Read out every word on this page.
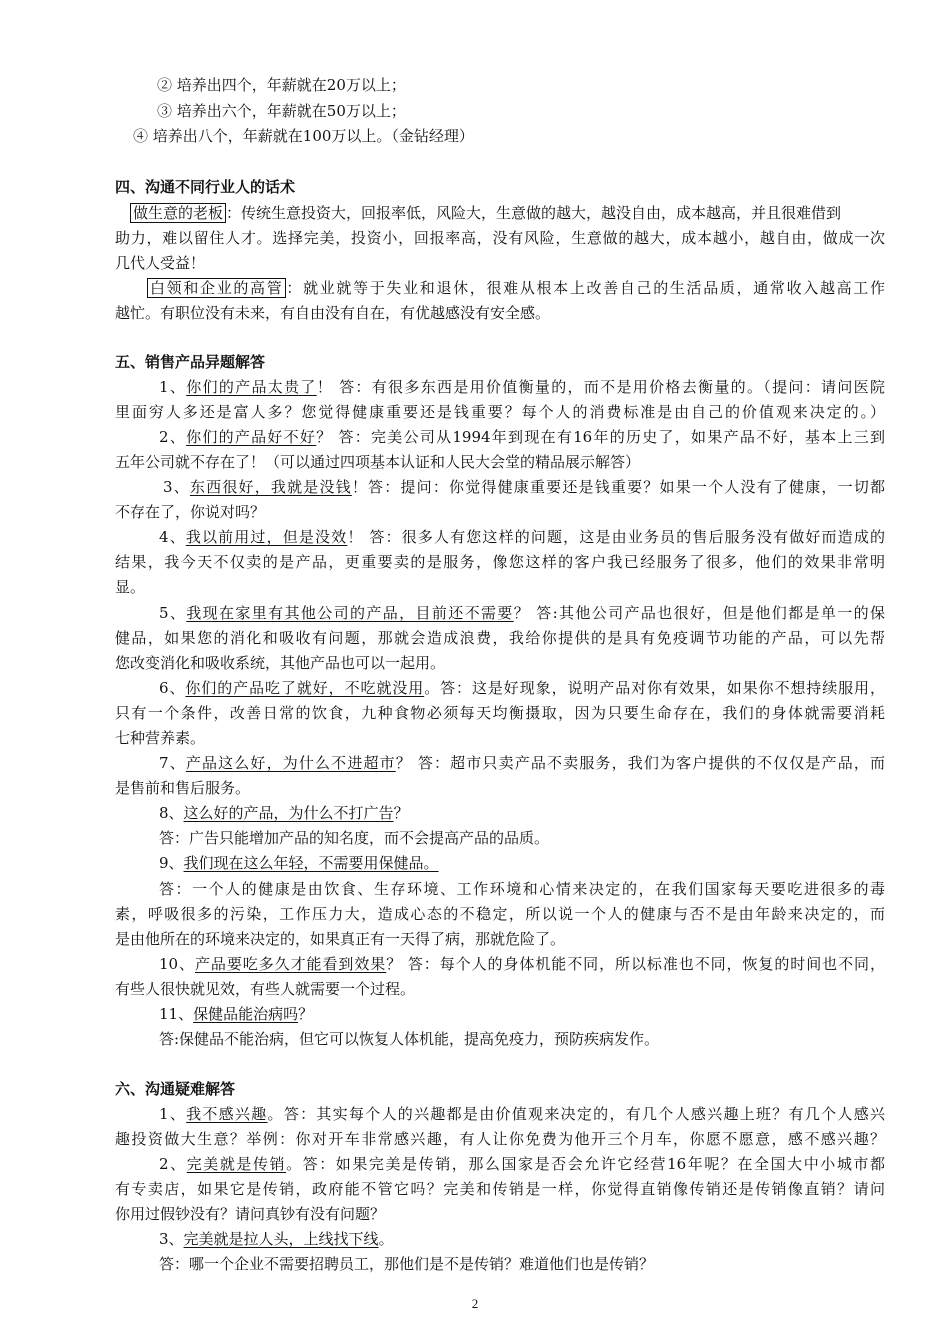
② 培养出四个，年薪就在20万以上；
③ 培养出六个，年薪就在50万以上；
④ 培养出八个，年薪就在100万以上。（金钻经理）
四、沟通不同行业人的话术
做生意的老板 ：传统生意投资大，回报率低，风险大，生意做的越大，越没自由，成本越高，并且很难借到
助力，难以留住人才。选择完美，投资小，回报率高，没有风险，生意做的越大，成本越小，越自由，做成一次
几代人受益！
白领和企业的高管 ：就业就等于失业和退休，很难从根本上改善自己的生活品质，通常收入越高工作
越忙。有职位没有未来，有自由没有自在，有优越感没有安全感。
五、销售产品异题解答
1、你们的产品太贵了！ 答：有很多东西是用价值衡量的，而不是用价格去衡量的。（提问：请问医院
里面穷人多还是富人多？您觉得健康重要还是钱重要？每个人的消费标准是由自己的价值观来决定的。）
2、你们的产品好不好？ 答：完美公司从1994年到现在有16年的历史了，如果产品不好，基本上三到
五年公司就不存在了！（可以通过四项基本认证和人民大会堂的精品展示解答）
3、东西很好，我就是没钱！答：提问：你觉得健康重要还是钱重要？如果一个人没有了健康，一切都
不存在了，你说对吗？
4、我以前用过，但是没效！ 答：很多人有您这样的问题，这是由业务员的售后服务没有做好而造成的
结果，我今天不仅卖的是产品，更重要卖的是服务，像您这样的客户我已经服务了很多，他们的效果非常明
显。
5、我现在家里有其他公司的产品，目前还不需要？ 答:其他公司产品也很好，但是他们都是单一的保
健品，如果您的消化和吸收有问题，那就会造成浪费，我给你提供的是具有免疫调节功能的产品，可以先帮
您改变消化和吸收系统，其他产品也可以一起用。
6、你们的产品吃了就好，不吃就没用。答：这是好现象，说明产品对你有效果，如果你不想持续服用，
只有一个条件，改善日常的饮食，九种食物必须每天均衡摄取，因为只要生命存在，我们的身体就需要消耗
七种营养素。
7、产品这么好，为什么不进超市？ 答：超市只卖产品不卖服务，我们为客户提供的不仅仅是产品，而
是售前和售后服务。
8、这么好的产品，为什么不打广告？
答：广告只能增加产品的知名度，而不会提高产品的品质。
9、我们现在这么年轻，不需要用保健品。
答：一个人的健康是由饮食、生存环境、工作环境和心情来决定的，在我们国家每天要吃进很多的毒
素，呼吸很多的污染，工作压力大，造成心态的不稳定，所以说一个人的健康与否不是由年龄来决定的，而
是由他所在的环境来决定的，如果真正有一天得了病，那就危险了。
10、产品要吃多久才能看到效果？ 答：每个人的身体机能不同，所以标准也不同，恢复的时间也不同，
有些人很快就见效，有些人就需要一个过程。
11、保健品能治病吗？
答:保健品不能治病，但它可以恢复人体机能，提高免疫力，预防疾病发作。
六、沟通疑难解答
1、我不感兴趣。答：其实每个人的兴趣都是由价值观来决定的，有几个人感兴趣上班？有几个人感兴
趣投资做大生意？举例：你对开车非常感兴趣，有人让你免费为他开三个月车，你愿不愿意，感不感兴趣？
2、完美就是传销。答：如果完美是传销，那么国家是否会允许它经营16年呢？在全国大中小城市都
有专卖店，如果它是传销，政府能不管它吗？完美和传销是一样，你觉得直销像传销还是传销像直销？请问
你用过假钞没有？请问真钞有没有问题？
3、完美就是拉人头，上线找下线。
答：哪一个企业不需要招聘员工，那他们是不是传销？难道他们也是传销？
2
